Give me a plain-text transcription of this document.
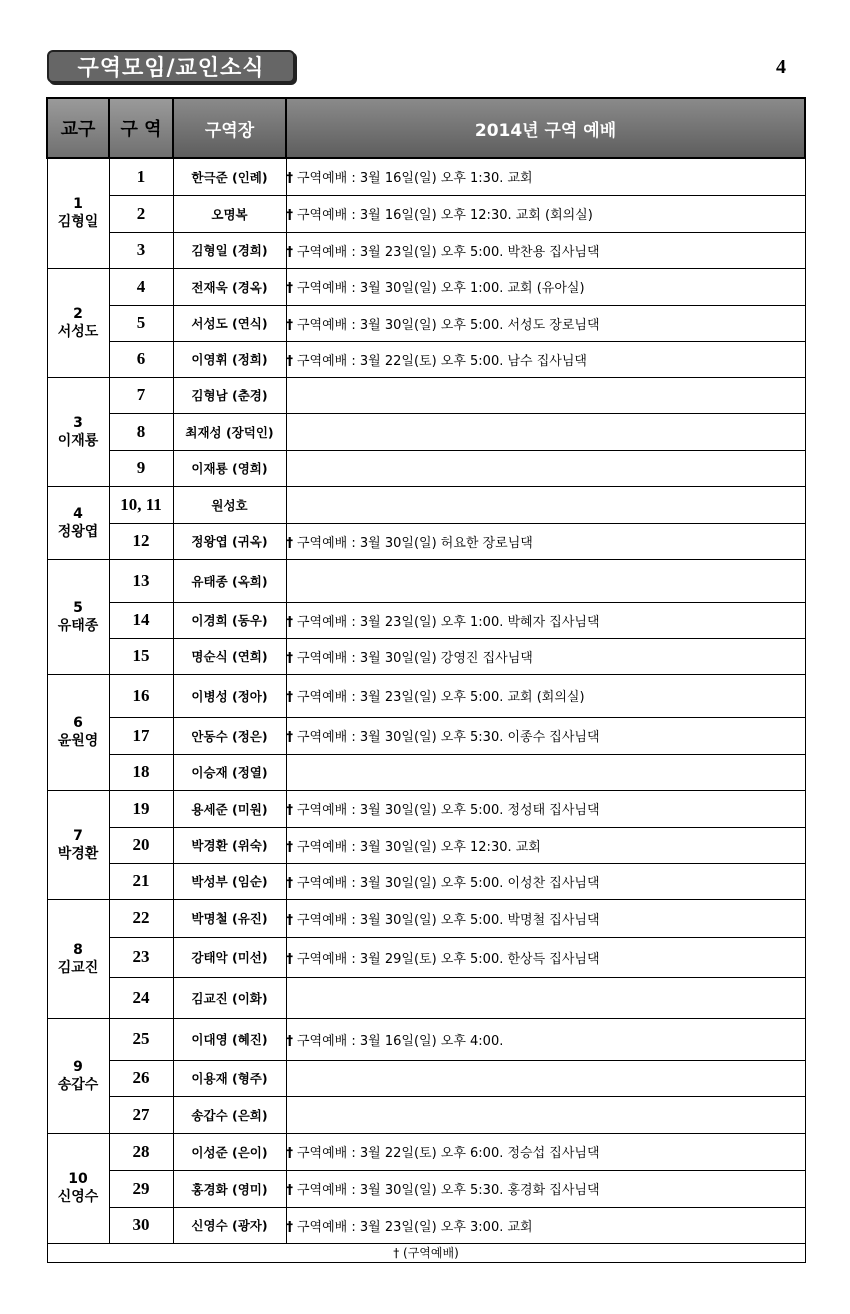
구역모임/교인소식	4
교구	구 역	구역장	2014년 구역 예배

1
김형일	1	한극준 (인례)	† 구역예배 : 3월 16일(일) 오후 1:30. 교회
	2	오명복	† 구역예배 : 3월 16일(일) 오후 12:30. 교회 (회의실)
	3	김형일 (경희)	† 구역예배 : 3월 23일(일) 오후 5:00. 박찬용 집사님댁

2
서성도	4	전재욱 (경옥)	† 구역예배 : 3월 30일(일) 오후 1:00. 교회 (유아실)
	5	서성도 (연식)	† 구역예배 : 3월 30일(일) 오후 5:00. 서성도 장로님댁
	6	이영휘 (정희)	† 구역예배 : 3월 22일(토) 오후 5:00. 남수 집사님댁

3
이재룡	7	김형남 (춘경)	
	8	최재성 (장덕인)	
	9	이재룡 (영희)	

4
정왕엽	10, 11	원성호	
	12	정왕엽 (귀옥)	† 구역예배 : 3월 30일(일) 허요한 장로님댁

5
유태종	13	유태종 (옥희)	
	14	이경희 (동우)	† 구역예배 : 3월 23일(일) 오후 1:00. 박혜자 집사님댁
	15	명순식 (연희)	† 구역예배 : 3월 30일(일) 강영진 집사님댁

6
윤원영	16	이병성 (정아)	† 구역예배 : 3월 23일(일) 오후 5:00. 교회 (회의실)
	17	안동수 (정은)	† 구역예배 : 3월 30일(일) 오후 5:30. 이종수 집사님댁
	18	이승재 (정열)	

7
박경환	19	용세준 (미원)	† 구역예배 : 3월 30일(일) 오후 5:00. 정성태 집사님댁
	20	박경환 (위숙)	† 구역예배 : 3월 30일(일) 오후 12:30. 교회
	21	박성부 (임순)	† 구역예배 : 3월 30일(일) 오후 5:00. 이성찬 집사님댁

8
김교진	22	박명철 (유진)	† 구역예배 : 3월 30일(일) 오후 5:00. 박명철 집사님댁
	23	강태악 (미선)	† 구역예배 : 3월 29일(토) 오후 5:00. 한상득 집사님댁
	24	김교진 (이화)	

9
송갑수	25	이대영 (혜진)	† 구역예배 : 3월 16일(일) 오후 4:00.
	26	이용재 (형주)	
	27	송갑수 (은희)	

10
신영수	28	이성준 (은이)	† 구역예배 : 3월 22일(토) 오후 6:00. 정승섭 집사님댁
	29	홍경화 (영미)	† 구역예배 : 3월 30일(일) 오후 5:30. 홍경화 집사님댁
	30	신영수 (광자)	† 구역예배 : 3월 23일(일) 오후 3:00. 교회
† (구역예배)			
